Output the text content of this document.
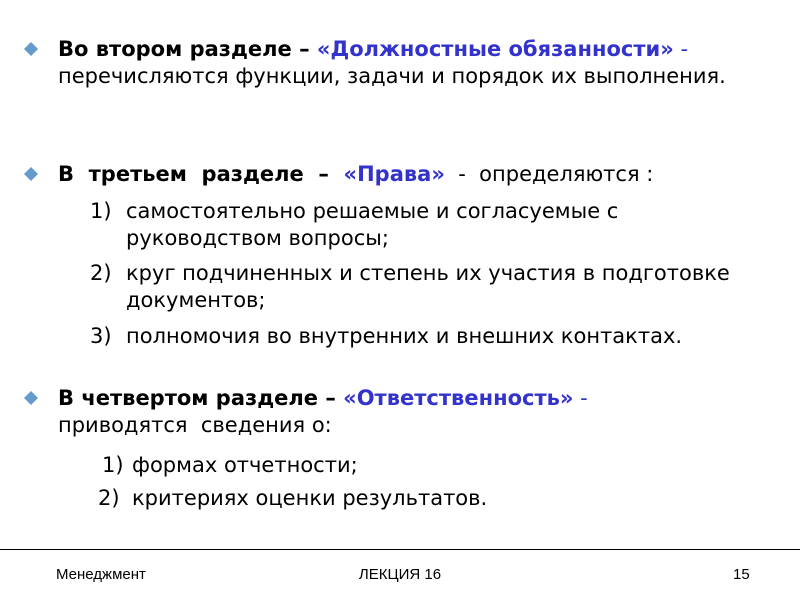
Во втором разделе – «Должностные обязанности» - перечисляются функции, задачи и порядок их выполнения.
В  третьем  разделе  –  «Права»  -  определяются :
1) самостоятельно решаемые и согласуемые с руководством вопросы;
2) круг подчиненных и степень их участия в подготовке документов;
3) полномочия во внутренних и внешних контактах.
В четвертом разделе – «Ответственность» - приводятся  сведения о:
1) формах отчетности;
2) критериях оценки результатов.
Менеджмент	ЛЕКЦИЯ 16	15
